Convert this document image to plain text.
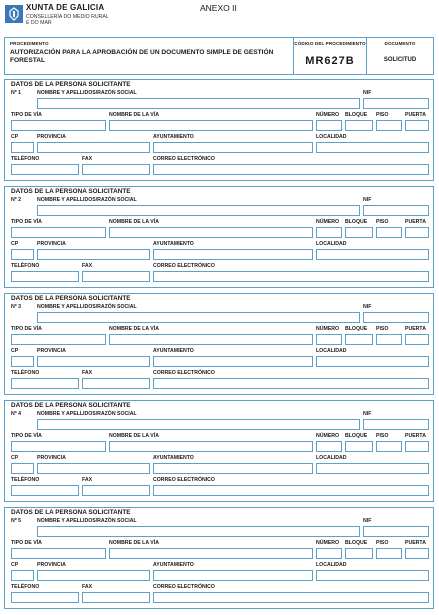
XUNTA DE GALICIA
CONSELLERÍA DO MEDIO RURAL
E DO MAR
ANEXO II
PROCEDIMENTO
AUTORIZACIÓN PARA LA APROBACIÓN DE UN DOCUMENTO SIMPLE DE GESTIÓN FORESTAL
CÓDIGO DEL PROCEDIMIENTO
MR627B
DOCUMENTO
SOLICITUD
DATOS DE LA PERSONA SOLICITANTE
Nº 1	NOMBRE Y APELLIDOS/RAZÓN SOCIAL	NIF
TIPO DE VÍA	NOMBRE DE LA VÍA	NÚMERO BLOQUE PISO	PUERTA
CP	PROVINCIA	AYUNTAMIENTO	LOCALIDAD
TELÉFONO	FAX	CORREO ELECTRÓNICO
DATOS DE LA PERSONA SOLICITANTE
Nº 2	NOMBRE Y APELLIDOS/RAZÓN SOCIAL	NIF
TIPO DE VÍA	NOMBRE DE LA VÍA	NÚMERO BLOQUE PISO	PUERTA
CP	PROVINCIA	AYUNTAMIENTO	LOCALIDAD
TELÉFONO	FAX	CORREO ELECTRÓNICO
DATOS DE LA PERSONA SOLICITANTE
Nº 3	NOMBRE Y APELLIDOS/RAZÓN SOCIAL	NIF
TIPO DE VÍA	NOMBRE DE LA VÍA	NÚMERO BLOQUE PISO	PUERTA
CP	PROVINCIA	AYUNTAMIENTO	LOCALIDAD
TELÉFONO	FAX	CORREO ELECTRÓNICO
DATOS DE LA PERSONA SOLICITANTE
Nº 4	NOMBRE Y APELLIDOS/RAZÓN SOCIAL	NIF
TIPO DE VÍA	NOMBRE DE LA VÍA	NÚMERO BLOQUE PISO	PUERTA
CP	PROVINCIA	AYUNTAMIENTO	LOCALIDAD
TELÉFONO	FAX	CORREO ELECTRÓNICO
DATOS DE LA PERSONA SOLICITANTE
Nº 5	NOMBRE Y APELLIDOS/RAZÓN SOCIAL	NIF
TIPO DE VÍA	NOMBRE DE LA VÍA	NÚMERO BLOQUE PISO	PUERTA
CP	PROVINCIA	AYUNTAMIENTO	LOCALIDAD
TELÉFONO	FAX	CORREO ELECTRÓNICO
